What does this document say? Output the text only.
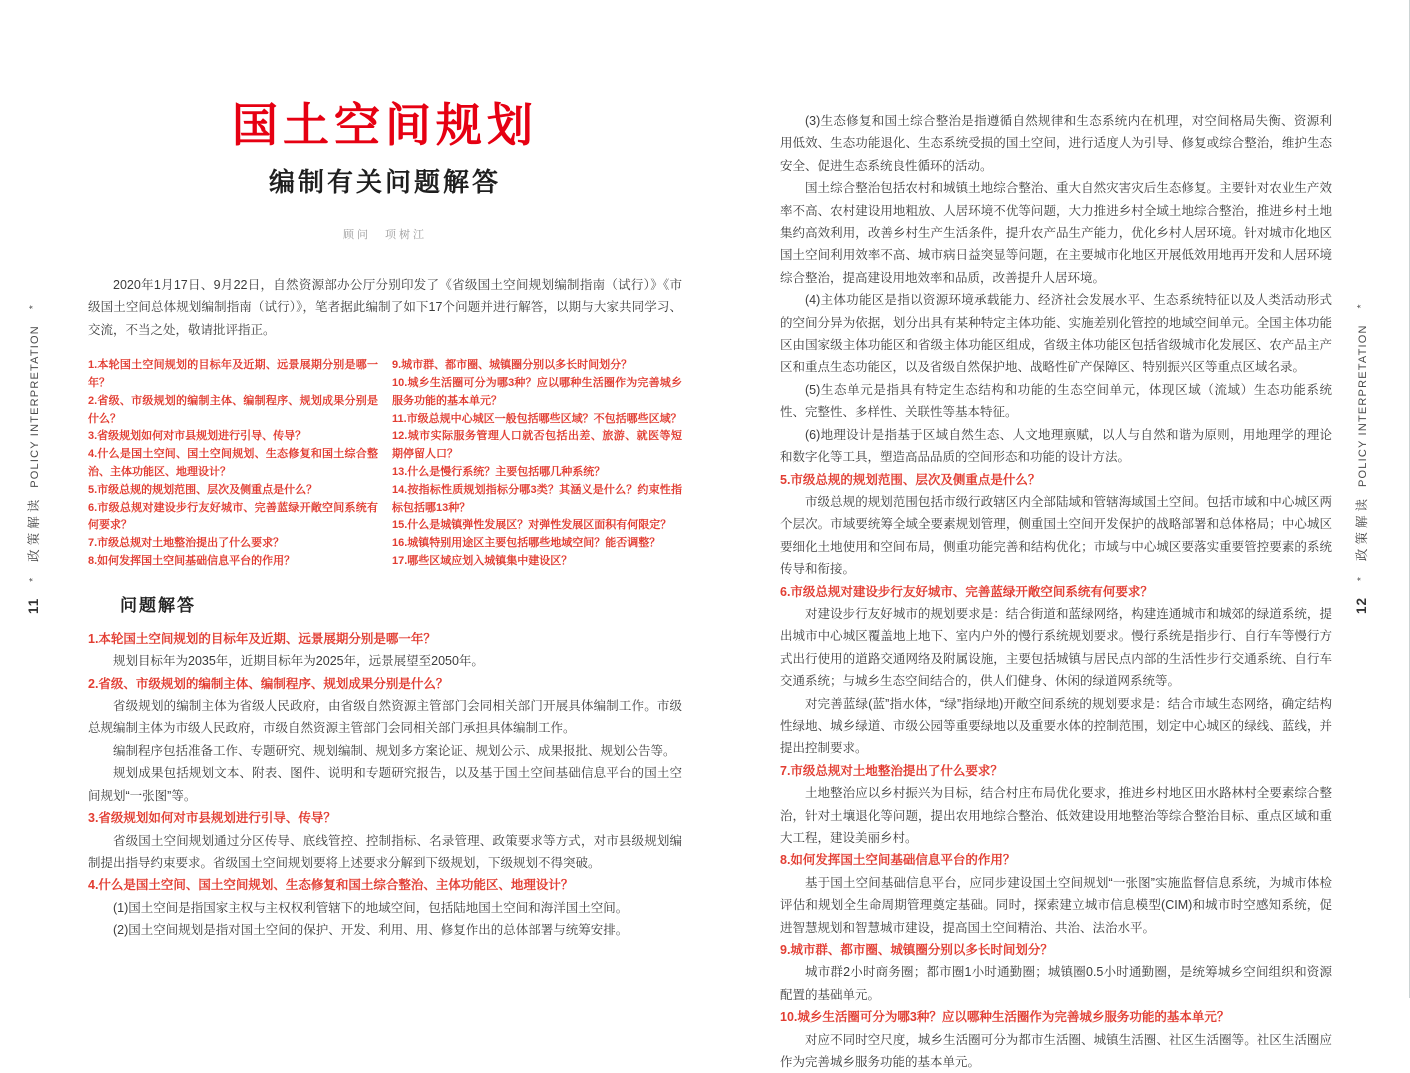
11*政策解读POLICY INTERPRETATION*
12*政策解读POLICY INTERPRETATION*
国土空间规划
编制有关问题解答
顾问　项树江
2020年1月17日、9月22日，自然资源部办公厅分别印发了《省级国土空间规划编制指南（试行）》《市级国土空间总体规划编制指南（试行）》，笔者据此编制了如下17个问题并进行解答，以期与大家共同学习、交流，不当之处，敬请批评指正。
1.本轮国土空间规划的目标年及近期、远景展期分别是哪一年？
2.省级、市级规划的编制主体、编制程序、规划成果分别是什么？
3.省级规划如何对市县规划进行引导、传导？
4.什么是国土空间、国土空间规划、生态修复和国土综合整治、主体功能区、地理设计？
5.市级总规的规划范围、层次及侧重点是什么？
6.市级总规对建设步行友好城市、完善蓝绿开敞空间系统有何要求？
7.市级总规对土地整治提出了什么要求？
8.如何发挥国土空间基础信息平台的作用？
9.城市群、都市圈、城镇圈分别以多长时间划分？
10.城乡生活圈可分为哪3种？应以哪种生活圈作为完善城乡服务功能的基本单元？
11.市级总规中心城区一般包括哪些区域？不包括哪些区域？
12.城市实际服务管理人口就否包括出差、旅游、就医等短期停留人口？
13.什么是慢行系统？主要包括哪几种系统？
14.按指标性质规划指标分哪3类？其涵义是什么？约束性指标包括哪13种？
15.什么是城镇弹性发展区？对弹性发展区面积有何限定？
16.城镇特别用途区主要包括哪些地域空间？能否调整？
17.哪些区域应划入城镇集中建设区？
问题解答
1.本轮国土空间规划的目标年及近期、远景展期分别是哪一年？
规划目标年为2035年，近期目标年为2025年，远景展望至2050年。
2.省级、市级规划的编制主体、编制程序、规划成果分别是什么？
省级规划的编制主体为省级人民政府，由省级自然资源主管部门会同相关部门开展具体编制工作。市级总规编制主体为市级人民政府，市级自然资源主管部门会同相关部门承担具体编制工作。
编制程序包括准备工作、专题研究、规划编制、规划多方案论证、规划公示、成果报批、规划公告等。
规划成果包括规划文本、附表、图件、说明和专题研究报告，以及基于国土空间基础信息平台的国土空间规划“一张图”等。
3.省级规划如何对市县规划进行引导、传导？
省级国土空间规划通过分区传导、底线管控、控制指标、名录管理、政策要求等方式，对市县级规划编制提出指导约束要求。省级国土空间规划要将上述要求分解到下级规划，下级规划不得突破。
4.什么是国土空间、国土空间规划、生态修复和国土综合整治、主体功能区、地理设计？
(1)国土空间是指国家主权与主权权利管辖下的地域空间，包括陆地国土空间和海洋国土空间。
(2)国土空间规划是指对国土空间的保护、开发、利用、用、修复作出的总体部署与统筹安排。
(3)生态修复和国土综合整治是指遵循自然规律和生态系统内在机理，对空间格局失衡、资源利用低效、生态功能退化、生态系统受损的国土空间，进行适度人为引导、修复或综合整治，维护生态安全、促进生态系统良性循环的活动。
国土综合整治包括农村和城镇土地综合整治、重大自然灾害灾后生态修复。主要针对农业生产效率不高、农村建设用地粗放、人居环境不优等问题，大力推进乡村全域土地综合整治，推进乡村土地集约高效利用，改善乡村生产生活条件，提升农产品生产能力，优化乡村人居环境。针对城市化地区国土空间利用效率不高、城市病日益突显等问题，在主要城市化地区开展低效用地再开发和人居环境综合整治，提高建设用地效率和品质，改善提升人居环境。
(4)主体功能区是指以资源环境承载能力、经济社会发展水平、生态系统特征以及人类活动形式的空间分异为依据，划分出具有某种特定主体功能、实施差别化管控的地域空间单元。全国主体功能区由国家级主体功能区和省级主体功能区组成，省级主体功能区包括省级城市化发展区、农产品主产区和重点生态功能区，以及省级自然保护地、战略性矿产保障区、特别振兴区等重点区域名录。
(5)生态单元是指具有特定生态结构和功能的生态空间单元，体现区域（流域）生态功能系统性、完整性、多样性、关联性等基本特征。
(6)地理设计是指基于区域自然生态、人文地理禀赋，以人与自然和谐为原则，用地理学的理论和数字化等工具，塑造高品品质的空间形态和功能的设计方法。
5.市级总规的规划范围、层次及侧重点是什么？
市级总规的规划范围包括市级行政辖区内全部陆域和管辖海域国土空间。包括市域和中心城区两个层次。市域要统筹全域全要素规划管理，侧重国土空间开发保护的战略部署和总体格局；中心城区要细化土地使用和空间布局，侧重功能完善和结构优化；市域与中心城区要落实重要管控要素的系统传导和衔接。
6.市级总规对建设步行友好城市、完善蓝绿开敞空间系统有何要求？
对建设步行友好城市的规划要求是：结合街道和蓝绿网络，构建连通城市和城郊的绿道系统，提出城市中心城区覆盖地上地下、室内户外的慢行系统规划要求。慢行系统是指步行、自行车等慢行方式出行使用的道路交通网络及附属设施，主要包括城镇与居民点内部的生活性步行交通系统、自行车交通系统；与城乡生态空间结合的，供人们健身、休闲的绿道网系统等。
对完善蓝绿(蓝”指水体，“绿”指绿地)开敞空间系统的规划要求是：结合市域生态网络，确定结构性绿地、城乡绿道、市级公园等重要绿地以及重要水体的控制范围，划定中心城区的绿线、蓝线，并提出控制要求。
7.市级总规对土地整治提出了什么要求？
土地整治应以乡村振兴为目标，结合村庄布局优化要求，推进乡村地区田水路林村全要素综合整治，针对土壤退化等问题，提出农用地综合整治、低效建设用地整治等综合整治目标、重点区域和重大工程，建设美丽乡村。
8.如何发挥国土空间基础信息平台的作用？
基于国土空间基础信息平台，应同步建设国土空间规划“一张图”实施监督信息系统，为城市体检评估和规划全生命周期管理奠定基础。同时，探索建立城市信息模型(CIM)和城市时空感知系统，促进智慧规划和智慧城市建设，提高国土空间精治、共治、法治水平。
9.城市群、都市圈、城镇圈分别以多长时间划分？
城市群2小时商务圈；都市圈1小时通勤圈；城镇圈0.5小时通勤圈，是统筹城乡空间组织和资源配置的基础单元。
10.城乡生活圈可分为哪3种？应以哪种生活圈作为完善城乡服务功能的基本单元？
对应不同时空尺度，城乡生活圈可分为都市生活圈、城镇生活圈、社区生活圈等。社区生活圈应作为完善城乡服务功能的基本单元。
